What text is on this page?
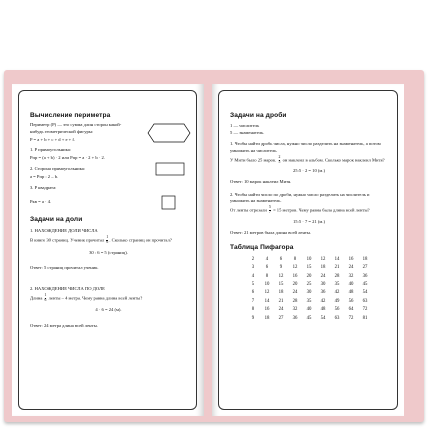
Вычисление периметра

Периметр (P) — это сумма длин сторон какой-нибудь геометрической фигуры:

P = a + b + c + d + e + f.

1. P прямоугольника:

Pпр = (a + b) · 2 или Pпр = a · 2 + b · 2.

2. Сторона прямоугольника:

a = Pпр : 2 – b.

3. P квадрата:

Pкв = a · 4.

Задачи на доли

1. НАХОЖДЕНИЕ ДОЛИ ЧИСЛА

В книге 30 страниц. Ученик прочитал $\frac{1}{6}$ . Сколько страниц он прочитал?

30 : 6 = 5 (страниц).

Ответ: 5 страниц прочитал ученик.

2. НАХОЖДЕНИЕ ЧИСЛА ПО ДОЛЕ

Длина $\frac{1}{6}$ ленты – 4 метра. Чему равна длина всей ленты?

4 · 6 = 24 (м).

Ответ: 24 метра длина всей ленты.

Задачи на дроби
1 — числитель
5 — знаменатель.

1. Чтобы найти дробь числа, нужно число разделить на знаменатель, а потом умножить на числитель.

У Мити было 25 марок. $\frac{2}{5}$ он наклеил в альбом. Сколько марок наклеил Митя?

25:5 · 2 = 10 (м.)

Ответ: 10 марок наклеил Митя.

2. Чтобы найти число по дроби, нужно число разделить на числитель и умножить на знаменатель.

От ленты отрезали $\frac{5}{7} = 15$ метров. Чему равна была длина всей ленты?

15:5 · 7 = 21 (м.)

Ответ: 21 метров была длина всей ленты.

Таблица Пифагора
2	4	6	8	10	12	14	16	18
3	6	9	12	15	18	21	24	27
4	8	12	16	20	24	28	32	36
5	10	15	20	25	30	35	40	45
6	12	18	24	30	36	42	48	54
7	14	21	28	35	42	49	56	63
8	16	24	32	40	48	56	64	72
9	18	27	36	45	54	63	72	81
